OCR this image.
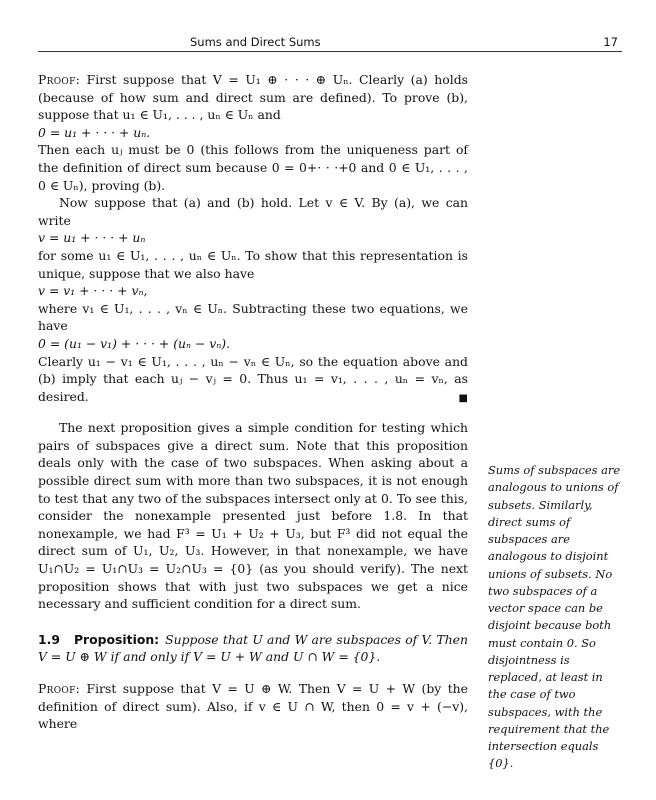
Sums and Direct Sums	17

Proof: First suppose that V = U₁ ⊕ · · · ⊕ Uₙ. Clearly (a) holds (because of how sum and direct sum are defined). To prove (b), suppose that u₁ ∈ U₁, . . . , uₙ ∈ Uₙ and

0 = u₁ + · · · + uₙ.

Then each uⱼ must be 0 (this follows from the uniqueness part of the definition of direct sum because 0 = 0+· · ·+0 and 0 ∈ U₁, . . . , 0 ∈ Uₙ), proving (b).

Now suppose that (a) and (b) hold. Let v ∈ V. By (a), we can write

v = u₁ + · · · + uₙ

for some u₁ ∈ U₁, . . . , uₙ ∈ Uₙ. To show that this representation is unique, suppose that we also have

v = v₁ + · · · + vₙ,

where v₁ ∈ U₁, . . . , vₙ ∈ Uₙ. Subtracting these two equations, we have

0 = (u₁ − v₁) + · · · + (uₙ − vₙ).

Clearly u₁ − v₁ ∈ U₁, . . . , uₙ − vₙ ∈ Uₙ, so the equation above and (b) imply that each uⱼ − vⱼ = 0. Thus u₁ = v₁, . . . , uₙ = vₙ, as desired.	■

The next proposition gives a simple condition for testing which pairs of subspaces give a direct sum. Note that this proposition deals only with the case of two subspaces. When asking about a possible direct sum with more than two subspaces, it is not enough to test that any two of the subspaces intersect only at 0. To see this, consider the nonexample presented just before 1.8. In that nonexample, we had F³ = U₁ + U₂ + U₃, but F³ did not equal the direct sum of U₁, U₂, U₃. However, in that nonexample, we have U₁∩U₂ = U₁∩U₃ = U₂∩U₃ = {0} (as you should verify). The next proposition shows that with just two subspaces we get a nice necessary and sufficient condition for a direct sum.

1.9 Proposition: Suppose that U and W are subspaces of V. Then V = U ⊕ W if and only if V = U + W and U ∩ W = {0}.

Proof: First suppose that V = U ⊕ W. Then V = U + W (by the definition of direct sum). Also, if v ∈ U ∩ W, then 0 = v + (−v), where

Sums of subspaces are analogous to unions of subsets. Similarly, direct sums of subspaces are analogous to disjoint unions of subsets. No two subspaces of a vector space can be disjoint because both must contain 0. So disjointness is replaced, at least in the case of two subspaces, with the requirement that the intersection equals {0}.
